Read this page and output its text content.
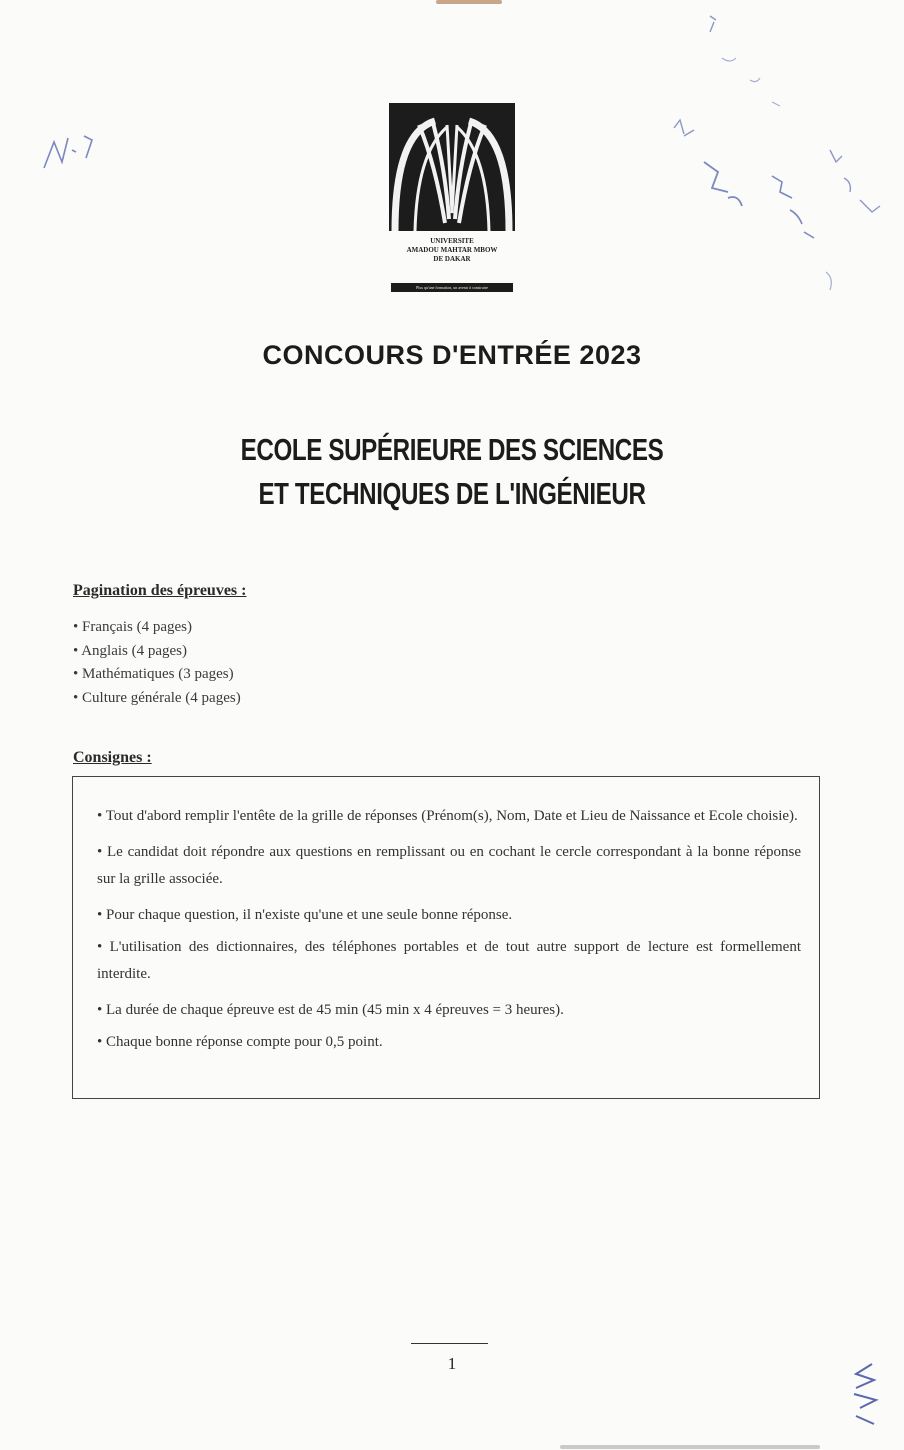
UNIVERSITE
AMADOU MAHTAR MBOW
DE DAKAR
Plus qu'une formation, un avenir à construire
CONCOURS D'ENTRÉE 2023
ECOLE SUPÉRIEURE DES SCIENCES
ET TECHNIQUES DE L'INGÉNIEUR
Pagination des épreuves :
• Français (4 pages)
• Anglais (4 pages)
• Mathématiques (3 pages)
• Culture générale (4 pages)
Consignes :
• Tout d'abord remplir l'entête de la grille de réponses (Prénom(s), Nom, Date et Lieu de Naissance et Ecole choisie).
• Le candidat doit répondre aux questions en remplissant ou en cochant le cercle correspondant à la bonne réponse sur la grille associée.
• Pour chaque question, il n'existe qu'une et une seule bonne réponse.
• L'utilisation des dictionnaires, des téléphones portables et de tout autre support de lecture est formellement interdite.
• La durée de chaque épreuve est de 45 min (45 min x 4 épreuves = 3 heures).
• Chaque bonne réponse compte pour 0,5 point.
1
